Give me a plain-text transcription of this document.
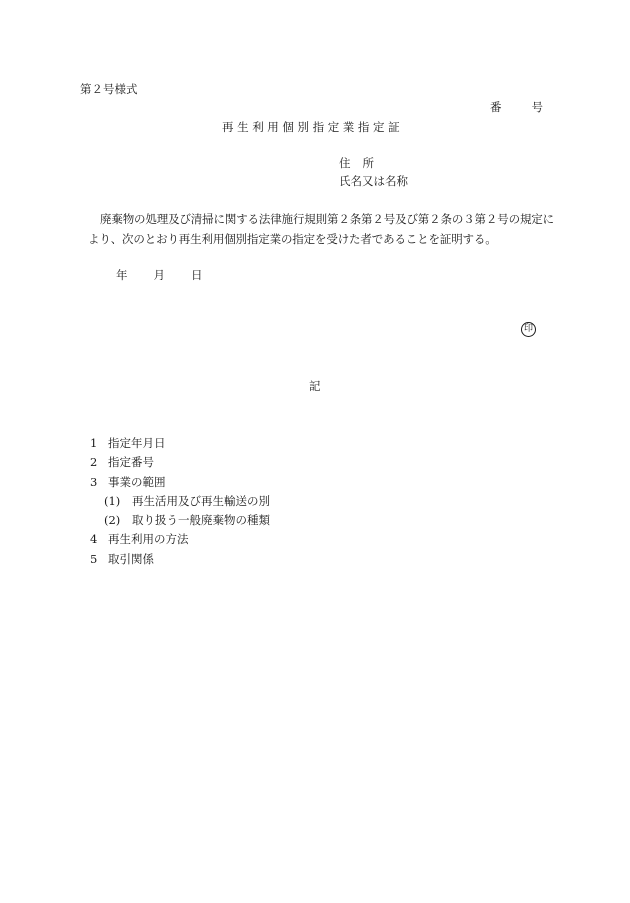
第２号様式
番	号
再生利用個別指定業指定証
住 所
氏名又は名称
廃棄物の処理及び清掃に関する法律施行規則第２条第２号及び第２条の３第２号の規定により、次のとおり再生利用個別指定業の指定を受けた者であることを証明する。
年 月 日
印
記
1 指定年月日
2 指定番号
3 事業の範囲
(1) 再生活用及び再生輸送の別
(2) 取り扱う一般廃棄物の種類
4 再生利用の方法
5 取引関係
